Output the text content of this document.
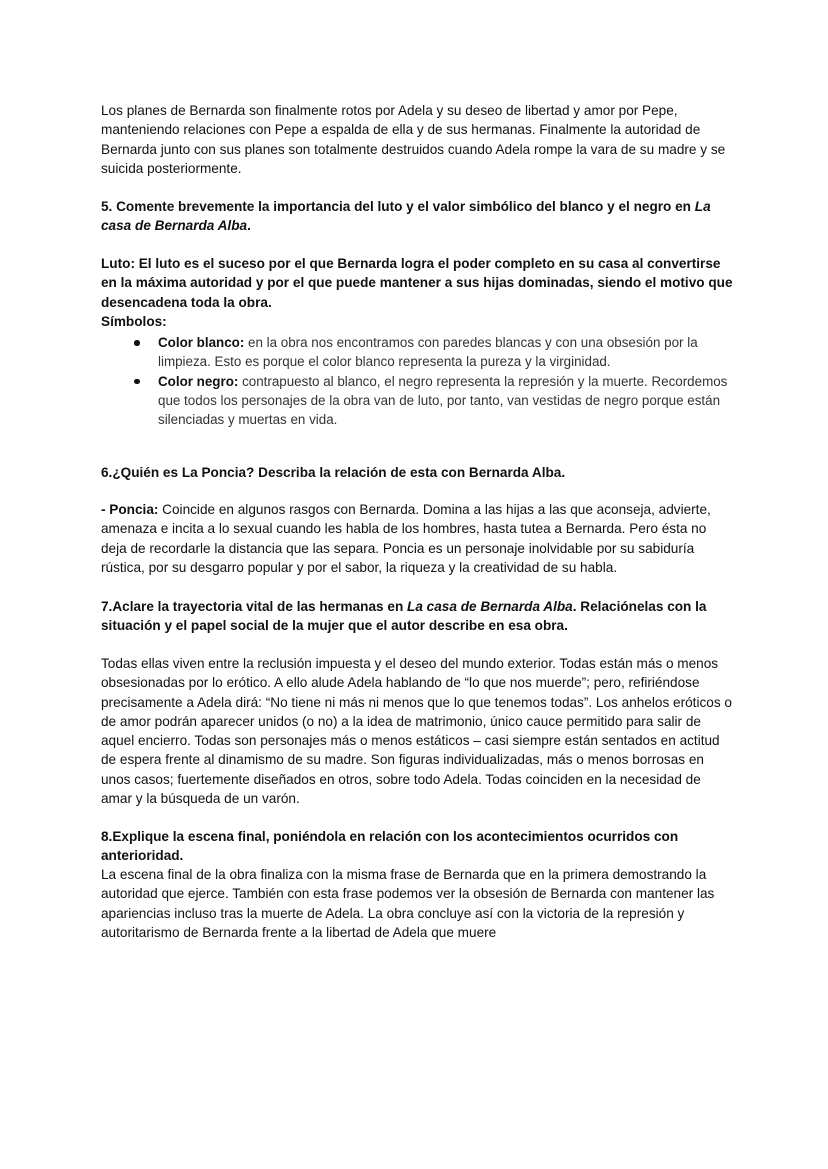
Los planes de Bernarda son finalmente rotos por Adela y su deseo de libertad y amor por Pepe, manteniendo relaciones con Pepe a espalda de ella y de sus hermanas. Finalmente la autoridad de Bernarda junto con sus planes son totalmente destruidos cuando Adela rompe la vara de su madre y se suicida posteriormente.

5. Comente brevemente la importancia del luto y el valor simbólico del blanco y el negro en La casa de Bernarda Alba.

Luto: El luto es el suceso por el que Bernarda logra el poder completo en su casa al convertirse en la máxima autoridad y por el que puede mantener a sus hijas dominadas, siendo el motivo que desencadena toda la obra.

Símbolos:

Color blanco: en la obra nos encontramos con paredes blancas y con una obsesión por la limpieza. Esto es porque el color blanco representa la pureza y la virginidad.
Color negro: contrapuesto al blanco, el negro representa la represión y la muerte. Recordemos que todos los personajes de la obra van de luto, por tanto, van vestidas de negro porque están silenciadas y muertas en vida.

6.¿Quién es La Poncia? Describa la relación de esta con Bernarda Alba.

- Poncia: Coincide en algunos rasgos con Bernarda. Domina a las hijas a las que aconseja, advierte, amenaza e incita a lo sexual cuando les habla de los hombres, hasta tutea a Bernarda. Pero ésta no deja de recordarle la distancia que las separa. Poncia es un personaje inolvidable por su sabiduría rústica, por su desgarro popular y por el sabor, la riqueza y la creatividad de su habla.

7.Aclare la trayectoria vital de las hermanas en La casa de Bernarda Alba. Relaciónelas con la situación y el papel social de la mujer que el autor describe en esa obra.

Todas ellas viven entre la reclusión impuesta y el deseo del mundo exterior. Todas están más o menos obsesionadas por lo erótico. A ello alude Adela hablando de “lo que nos muerde”; pero, refiriéndose precisamente a Adela dirá: “No tiene ni más ni menos que lo que tenemos todas”. Los anhelos eróticos o de amor podrán aparecer unidos (o no) a la idea de matrimonio, único cauce permitido para salir de aquel encierro. Todas son personajes más o menos estáticos – casi siempre están sentados en actitud de espera frente al dinamismo de su madre. Son figuras individualizadas, más o menos borrosas en unos casos; fuertemente diseñados en otros, sobre todo Adela. Todas coinciden en la necesidad de amar y la búsqueda de un varón.

8.Explique la escena final, poniéndola en relación con los acontecimientos ocurridos con anterioridad.

La escena final de la obra finaliza con la misma frase de Bernarda que en la primera demostrando la autoridad que ejerce. También con esta frase podemos ver la obsesión de Bernarda con mantener las apariencias incluso tras la muerte de Adela. La obra concluye así con la victoria de la represión y autoritarismo de Bernarda frente a la libertad de Adela que muere
